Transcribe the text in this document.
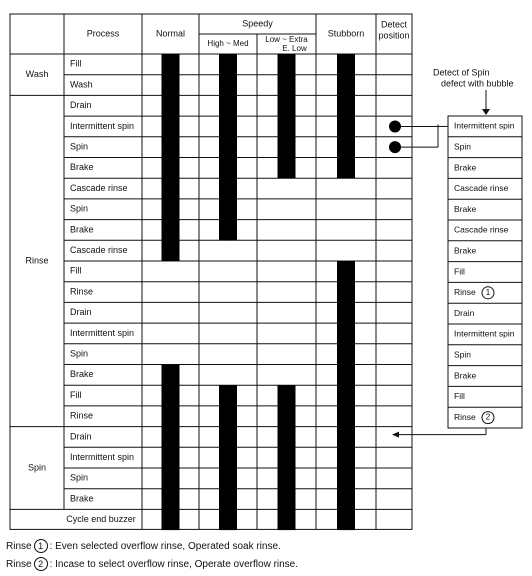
Process	Normal
Speedy
High ~ Med Low ~ Extra
E. Low
Stubborn
Detect
position
Fill
Wash
Wash
Drain
Intermittent spin
Spin
Brake
Cascade rinse
Spin
Brake
Cascade rinse
Fill
Rinse
Drain
Intermittent spin
Spin
Brake
Fill
Rinse
Rinse
Drain
Intermittent spin
Spin
Brake
Spin
Cycle end buzzer
Detect of Spin
defect with bubble
Intermittent spin
Spin
Brake
Cascade rinse
Brake
Cascade rinse
Brake
Fill
Rinse 1
Drain
Intermittent spin
Spin
Brake
Fill
Rinse 2
Rinse 1 : Even selected overflow rinse, Operated soak rinse.
Rinse 2 : Incase to select overflow rinse, Operate overflow rinse.
